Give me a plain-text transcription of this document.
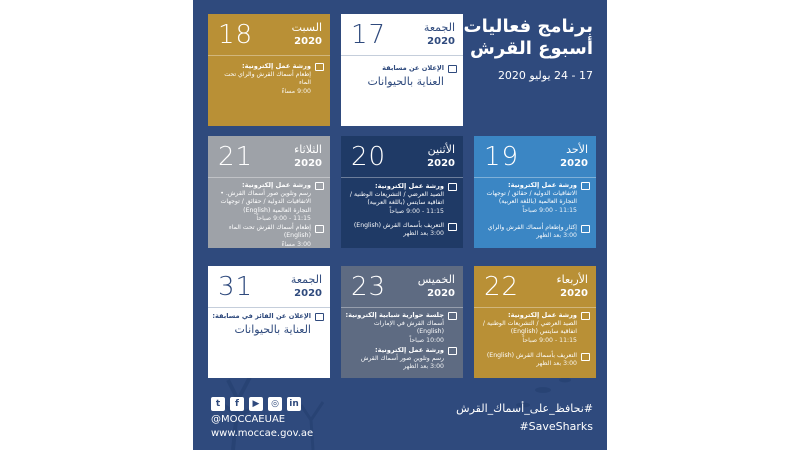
السبت
2020
18
ورشة عمل إلكترونية:
إطعام أسماك القرش والراي تحت الماء
9:00 مساءً
الجمعة
2020
17
الإعلان عن مسابقة
العناية بالحيوانات
برنامج فعاليات
أسبوع القرش
17 - 24 يوليو 2020
الثلاثاء
2020
21
ورشة عمل إلكترونية:
رسم وتلوين صور أسماك القرش. • الاتفاقيات الدولية / حقائق / توجهات التجارة العالمية (English)
11:15 - 9:00 صباحاً
إطعام أسماك القرش تحت الماء (English)
3:00 مساءً
الأثنين
2020
20
ورشة عمل إلكترونية:
الصيد العرضي / التشريعات الوطنية / اتفاقية سايتس (باللغة العربية)
11:15 - 9:00 صباحاً
التعريف بأسماك القرش (English)
3:00 بعد الظهر
الأحد
2020
19
ورشة عمل إلكترونية:
الاتفاقيات الدولية / حقائق / توجهات التجارة العالمية (باللغة العربية)
11:15 - 9:00 صباحاً
إكثار وإطعام أسماك القرش والراي
3:00 بعد الظهر
الجمعة
2020
31
الإعلان عن الفائز في مسابقة:
العناية بالحيوانات
الخميس
2020
23
جلسة حوارية شبابية إلكترونية:
أسماك القرش في الإمارات (English)
10:00 صباحاً
ورشة عمل إلكترونية:
رسم وتلوين صور أسماك القرش
3:00 بعد الظهر
الأربعاء
2020
22
ورشة عمل إلكترونية:
الصيد العرضي / التشريعات الوطنية / اتفاقية سايتس (English)
11:15 - 9:00 صباحاً
التعريف بأسماك القرش (English)
3:00 بعد الظهر
t	f	▶	◎	in
@MOCCAEUAE
www.moccae.gov.ae
#نحافظ_على_أسماك_القرش
#SaveSharks
